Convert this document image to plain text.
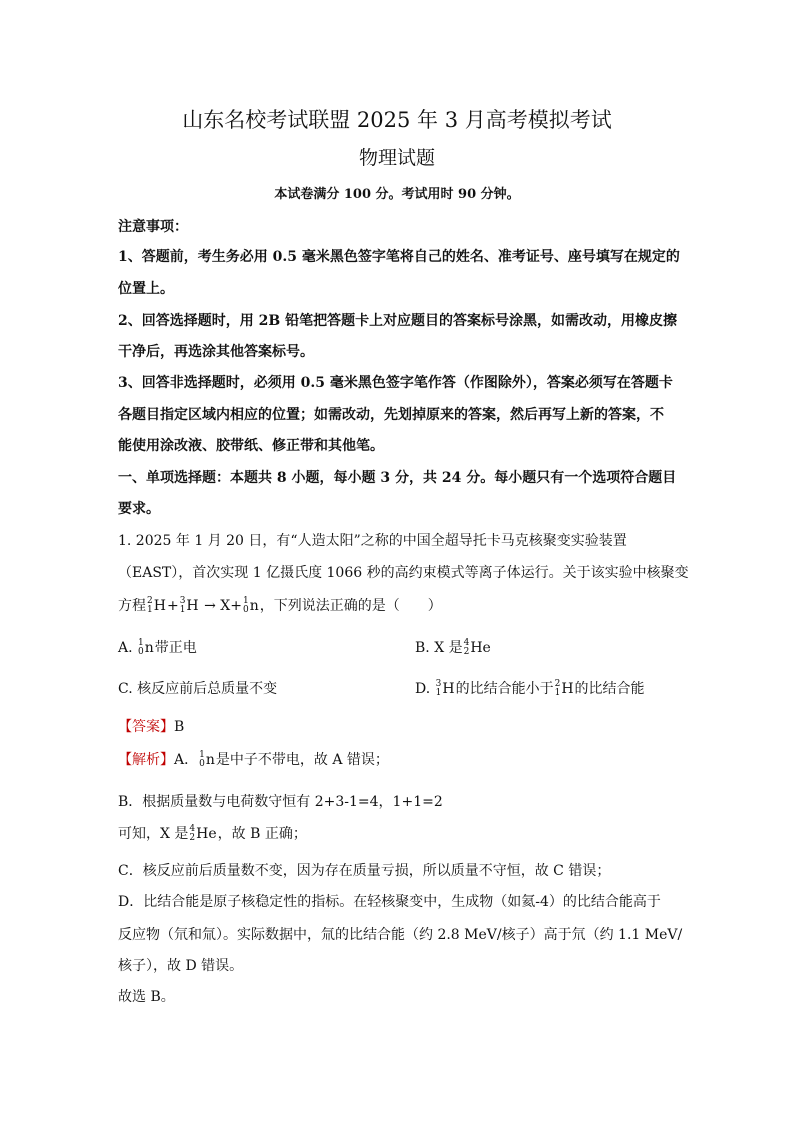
山东名校考试联盟 2025 年 3 月高考模拟考试
物理试题
本试卷满分 100 分。考试用时 90 分钟。
注意事项：
1、答题前，考生务必用 0.5 毫米黑色签字笔将自己的姓名、准考证号、座号填写在规定的
位置上。
2、回答选择题时，用 2B 铅笔把答题卡上对应题目的答案标号涂黑，如需改动，用橡皮擦
干净后，再选涂其他答案标号。
3、回答非选择题时，必须用 0.5 毫米黑色签字笔作答（作图除外），答案必须写在答题卡
各题目指定区域内相应的位置；如需改动，先划掉原来的答案，然后再写上新的答案，不
能使用涂改液、胶带纸、修正带和其他笔。
一、单项选择题：本题共 8 小题，每小题 3 分，共 24 分。每小题只有一个选项符合题目
要求。
1. 2025 年 1 月 20 日，有“人造太阳”之称的中国全超导托卡马克核聚变实验装置
（EAST），首次实现 1 亿摄氏度 1066 秒的高约束模式等离子体运行。关于该实验中核聚变
方程 2
1 H+ 3
1 H → X+ 1
0 n，下列说法正确的是（　　）
A. 1
0 n带正电	B. X 是 4
2 He
C. 核反应前后总质量不变	D. 3
1 H的比结合能小于 2
1 H的比结合能
【答案】B
【解析】A． 1
0 n是中子不带电，故 A 错误；
B．根据质量数与电荷数守恒有 2+3-1=4，1+1=2
可知，X 是 4
2 He，故 B 正确；
C．核反应前后质量数不变，因为存在质量亏损，所以质量不守恒，故 C 错误；
D．比结合能是原子核稳定性的指标。在轻核聚变中，生成物（如氦-4）的比结合能高于
反应物（氘和氚）。实际数据中，氚的比结合能（约 2.8 MeV/核子）高于氘（约 1.1 MeV/
核子），故 D 错误。
故选 B。
